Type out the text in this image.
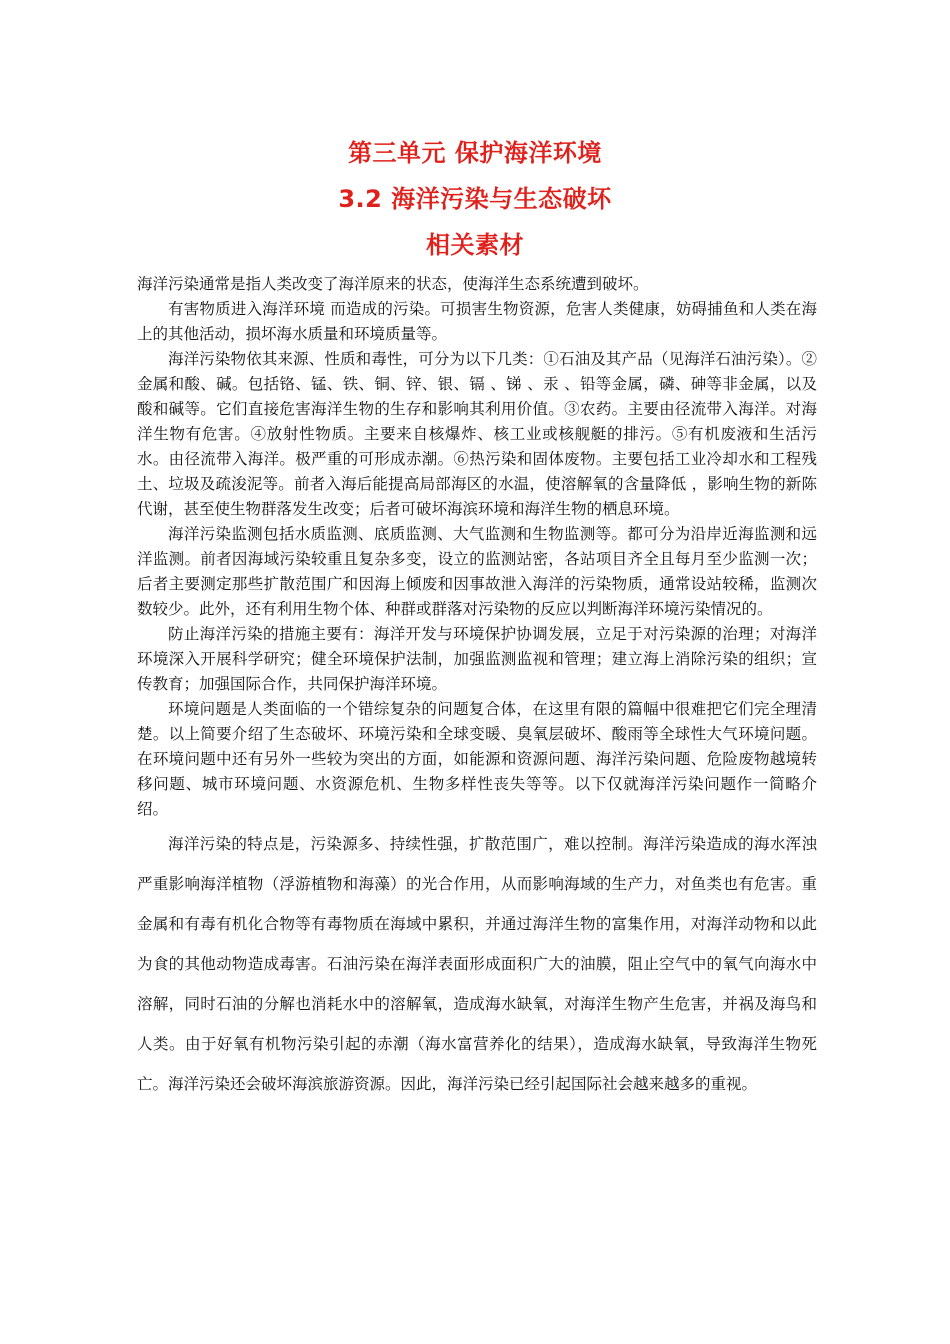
第三单元 保护海洋环境
3.2 海洋污染与生态破坏
相关素材

海洋污染通常是指人类改变了海洋原来的状态，使海洋生态系统遭到破坏。

有害物质进入海洋环境 而造成的污染。可损害生物资源，危害人类健康，妨碍捕鱼和人类在海上的其他活动，损坏海水质量和环境质量等。

海洋污染物依其来源、性质和毒性，可分为以下几类：①石油及其产品（见海洋石油污染）。②金属和酸、碱。包括铬、锰、铁、铜、锌、银、镉 、锑 、汞 、铅等金属，磷、砷等非金属，以及酸和碱等。它们直接危害海洋生物的生存和影响其利用价值。③农药。主要由径流带入海洋。对海洋生物有危害。④放射性物质。主要来自核爆炸、核工业或核舰艇的排污。⑤有机废液和生活污水。由径流带入海洋。极严重的可形成赤潮。⑥热污染和固体废物。主要包括工业冷却水和工程残土、垃圾及疏浚泥等。前者入海后能提高局部海区的水温，使溶解氧的含量降低 ，影响生物的新陈代谢，甚至使生物群落发生改变；后者可破坏海滨环境和海洋生物的栖息环境。

海洋污染监测包括水质监测、底质监测、大气监测和生物监测等。都可分为沿岸近海监测和远洋监测。前者因海域污染较重且复杂多变，设立的监测站密，各站项目齐全且每月至少监测一次；后者主要测定那些扩散范围广和因海上倾废和因事故泄入海洋的污染物质，通常设站较稀，监测次数较少。此外，还有利用生物个体、种群或群落对污染物的反应以判断海洋环境污染情况的。

防止海洋污染的措施主要有：海洋开发与环境保护协调发展，立足于对污染源的治理；对海洋环境深入开展科学研究；健全环境保护法制，加强监测监视和管理；建立海上消除污染的组织；宣传教育；加强国际合作，共同保护海洋环境。

环境问题是人类面临的一个错综复杂的问题复合体，在这里有限的篇幅中很难把它们完全理清楚。以上简要介绍了生态破坏、环境污染和全球变暖、臭氧层破坏、酸雨等全球性大气环境问题。在环境问题中还有另外一些较为突出的方面，如能源和资源问题、海洋污染问题、危险废物越境转移问题、城市环境问题、水资源危机、生物多样性丧失等等。以下仅就海洋污染问题作一简略介绍。

海洋污染的特点是，污染源多、持续性强，扩散范围广，难以控制。海洋污染造成的海水浑浊严重影响海洋植物（浮游植物和海藻）的光合作用，从而影响海域的生产力，对鱼类也有危害。重金属和有毒有机化合物等有毒物质在海域中累积，并通过海洋生物的富集作用，对海洋动物和以此为食的其他动物造成毒害。石油污染在海洋表面形成面积广大的油膜，阻止空气中的氧气向海水中溶解，同时石油的分解也消耗水中的溶解氧，造成海水缺氧，对海洋生物产生危害，并祸及海鸟和人类。由于好氧有机物污染引起的赤潮（海水富营养化的结果），造成海水缺氧，导致海洋生物死亡。海洋污染还会破坏海滨旅游资源。因此，海洋污染已经引起国际社会越来越多的重视。
